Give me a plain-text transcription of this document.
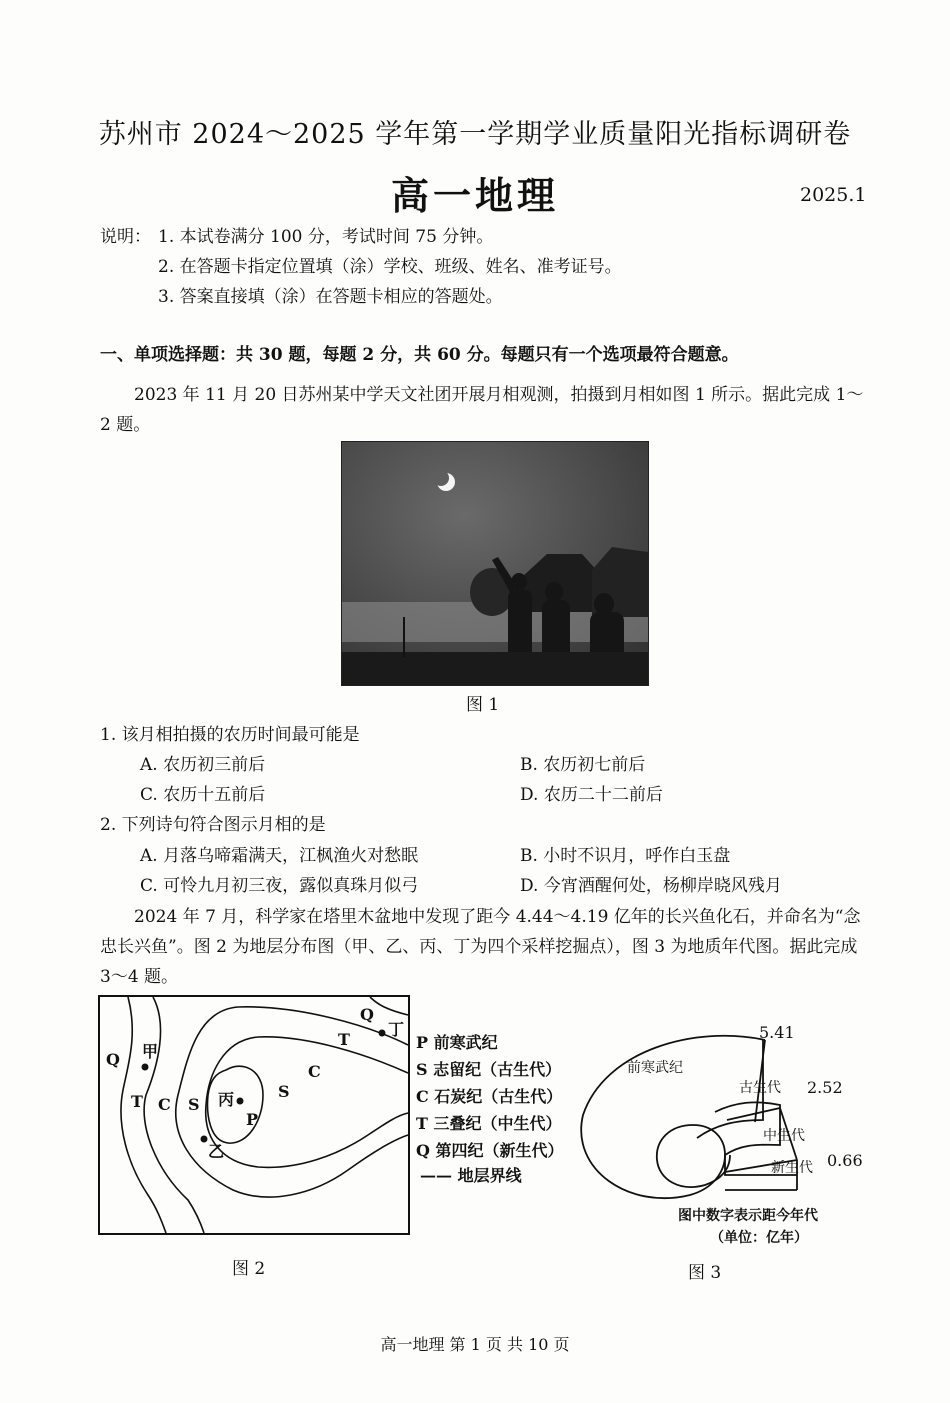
苏州市 2024～2025 学年第一学期学业质量阳光指标调研卷
高一地理	2025.1
说明： 1. 本试卷满分 100 分，考试时间 75 分钟。
2. 在答题卡指定位置填（涂）学校、班级、姓名、准考证号。
3. 答案直接填（涂）在答题卡相应的答题处。
一、单项选择题：共 30 题，每题 2 分，共 60 分。每题只有一个选项最符合题意。
2023 年 11 月 20 日苏州某中学天文社团开展月相观测，拍摄到月相如图 1 所示。据此完成 1～2 题。
图 1
1. 该月相拍摄的农历时间最可能是
A. 农历初三前后	B. 农历初七前后
C. 农历十五前后	D. 农历二十二前后
2. 下列诗句符合图示月相的是
A. 月落乌啼霜满天，江枫渔火对愁眠	B. 小时不识月，呼作白玉盘
C. 可怜九月初三夜，露似真珠月似弓	D. 今宵酒醒何处，杨柳岸晓风残月
2024 年 7 月，科学家在塔里木盆地中发现了距今 4.44～4.19 亿年的长兴鱼化石，并命名为“念忠长兴鱼”。图 2 为地层分布图（甲、乙、丙、丁为四个采样挖掘点），图 3 为地质年代图。据此完成 3～4 题。
Q
T C S
P
S
C
T
Q
甲
乙
丙
丁
图 2
P 前寒武纪
S 志留纪（古生代）
C 石炭纪（古生代）
T 三叠纪（中生代）
Q 第四纪（新生代）
—— 地层界线
前寒武纪
古生代
中生代
新生代
5.41
2.52
0.66
图中数字表示距今年代
（单位：亿年）
图 3
高一地理 第 1 页 共 10 页
